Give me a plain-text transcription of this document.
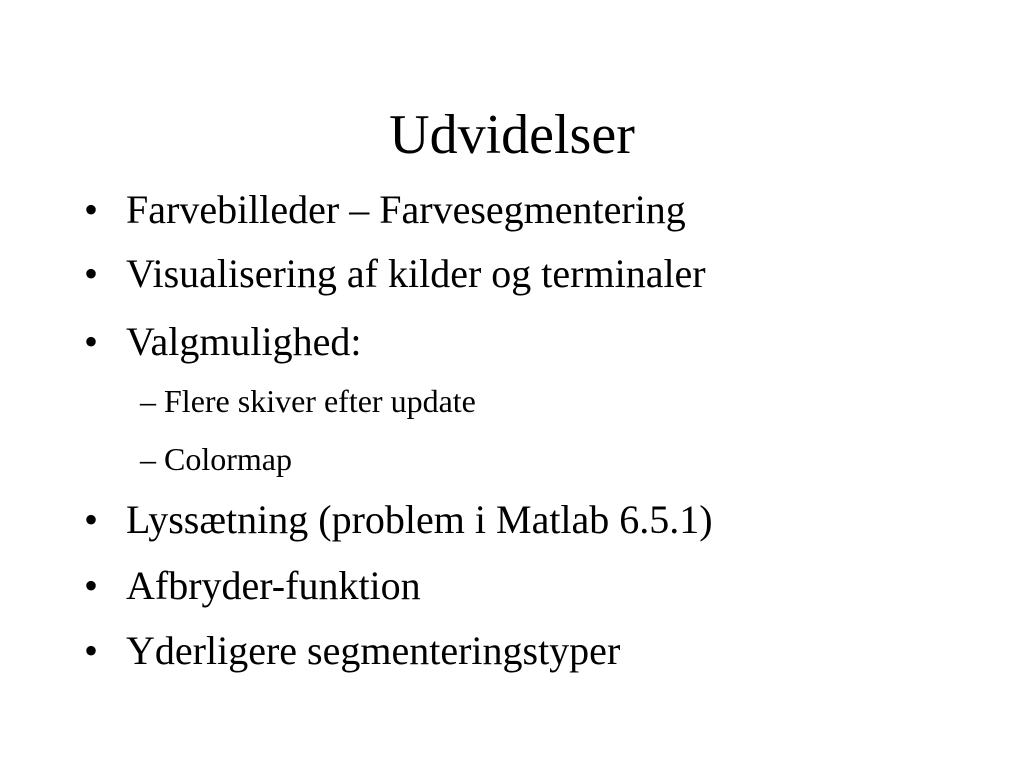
Udvidelser
• Farvebilleder – Farvesegmentering
• Visualisering af kilder og terminaler
• Valgmulighed:
– Flere skiver efter update
– Colormap
• Lyssætning (problem i Matlab 6.5.1)
• Afbryder-funktion
• Yderligere segmenteringstyper
